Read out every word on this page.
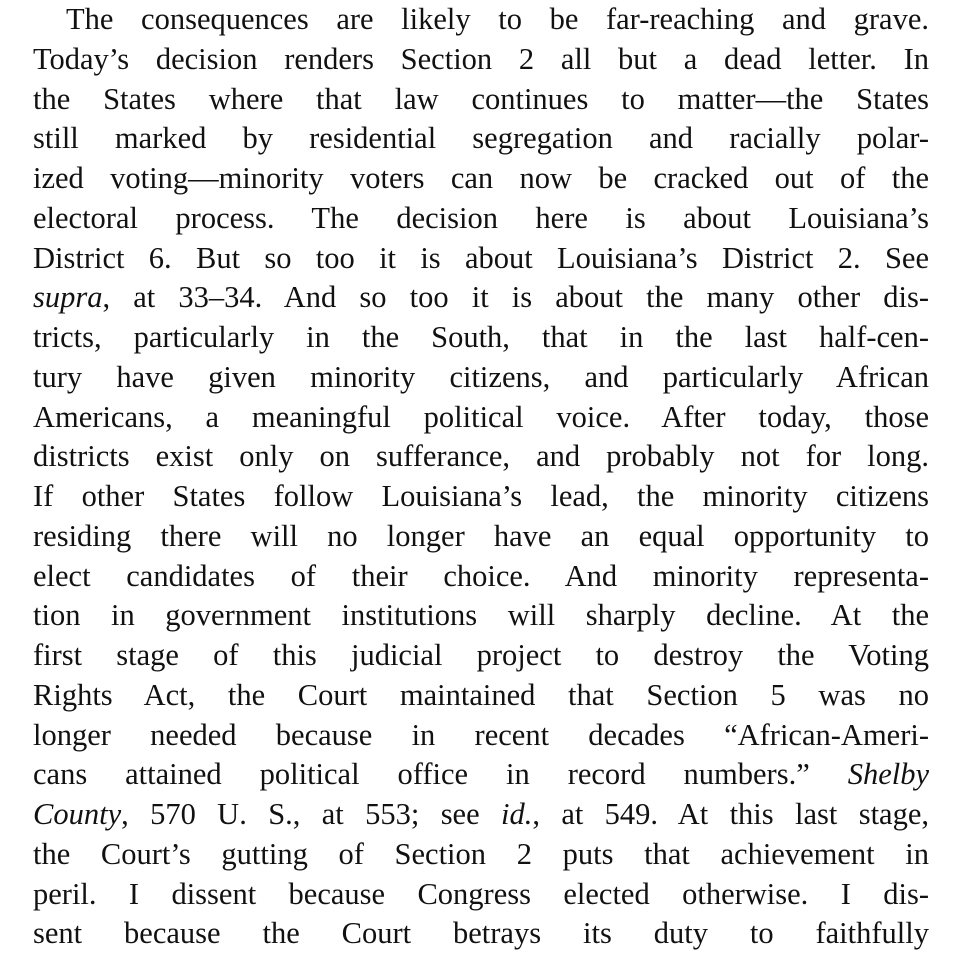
The consequences are likely to be far-reaching and grave.
Today’s decision renders Section 2 all but a dead letter. In
the States where that law continues to matter—the States
still marked by residential segregation and racially polar-
ized voting—minority voters can now be cracked out of the
electoral process. The decision here is about Louisiana’s
District 6. But so too it is about Louisiana’s District 2. See
supra, at 33–34. And so too it is about the many other dis-
tricts, particularly in the South, that in the last half-cen-
tury have given minority citizens, and particularly African
Americans, a meaningful political voice. After today, those
districts exist only on sufferance, and probably not for long.
If other States follow Louisiana’s lead, the minority citizens
residing there will no longer have an equal opportunity to
elect candidates of their choice. And minority representa-
tion in government institutions will sharply decline. At the
first stage of this judicial project to destroy the Voting
Rights Act, the Court maintained that Section 5 was no
longer needed because in recent decades “African-Ameri-
cans attained political office in record numbers.” Shelby
County, 570 U. S., at 553; see id., at 549. At this last stage,
the Court’s gutting of Section 2 puts that achievement in
peril. I dissent because Congress elected otherwise. I dis-
sent because the Court betrays its duty to faithfully
